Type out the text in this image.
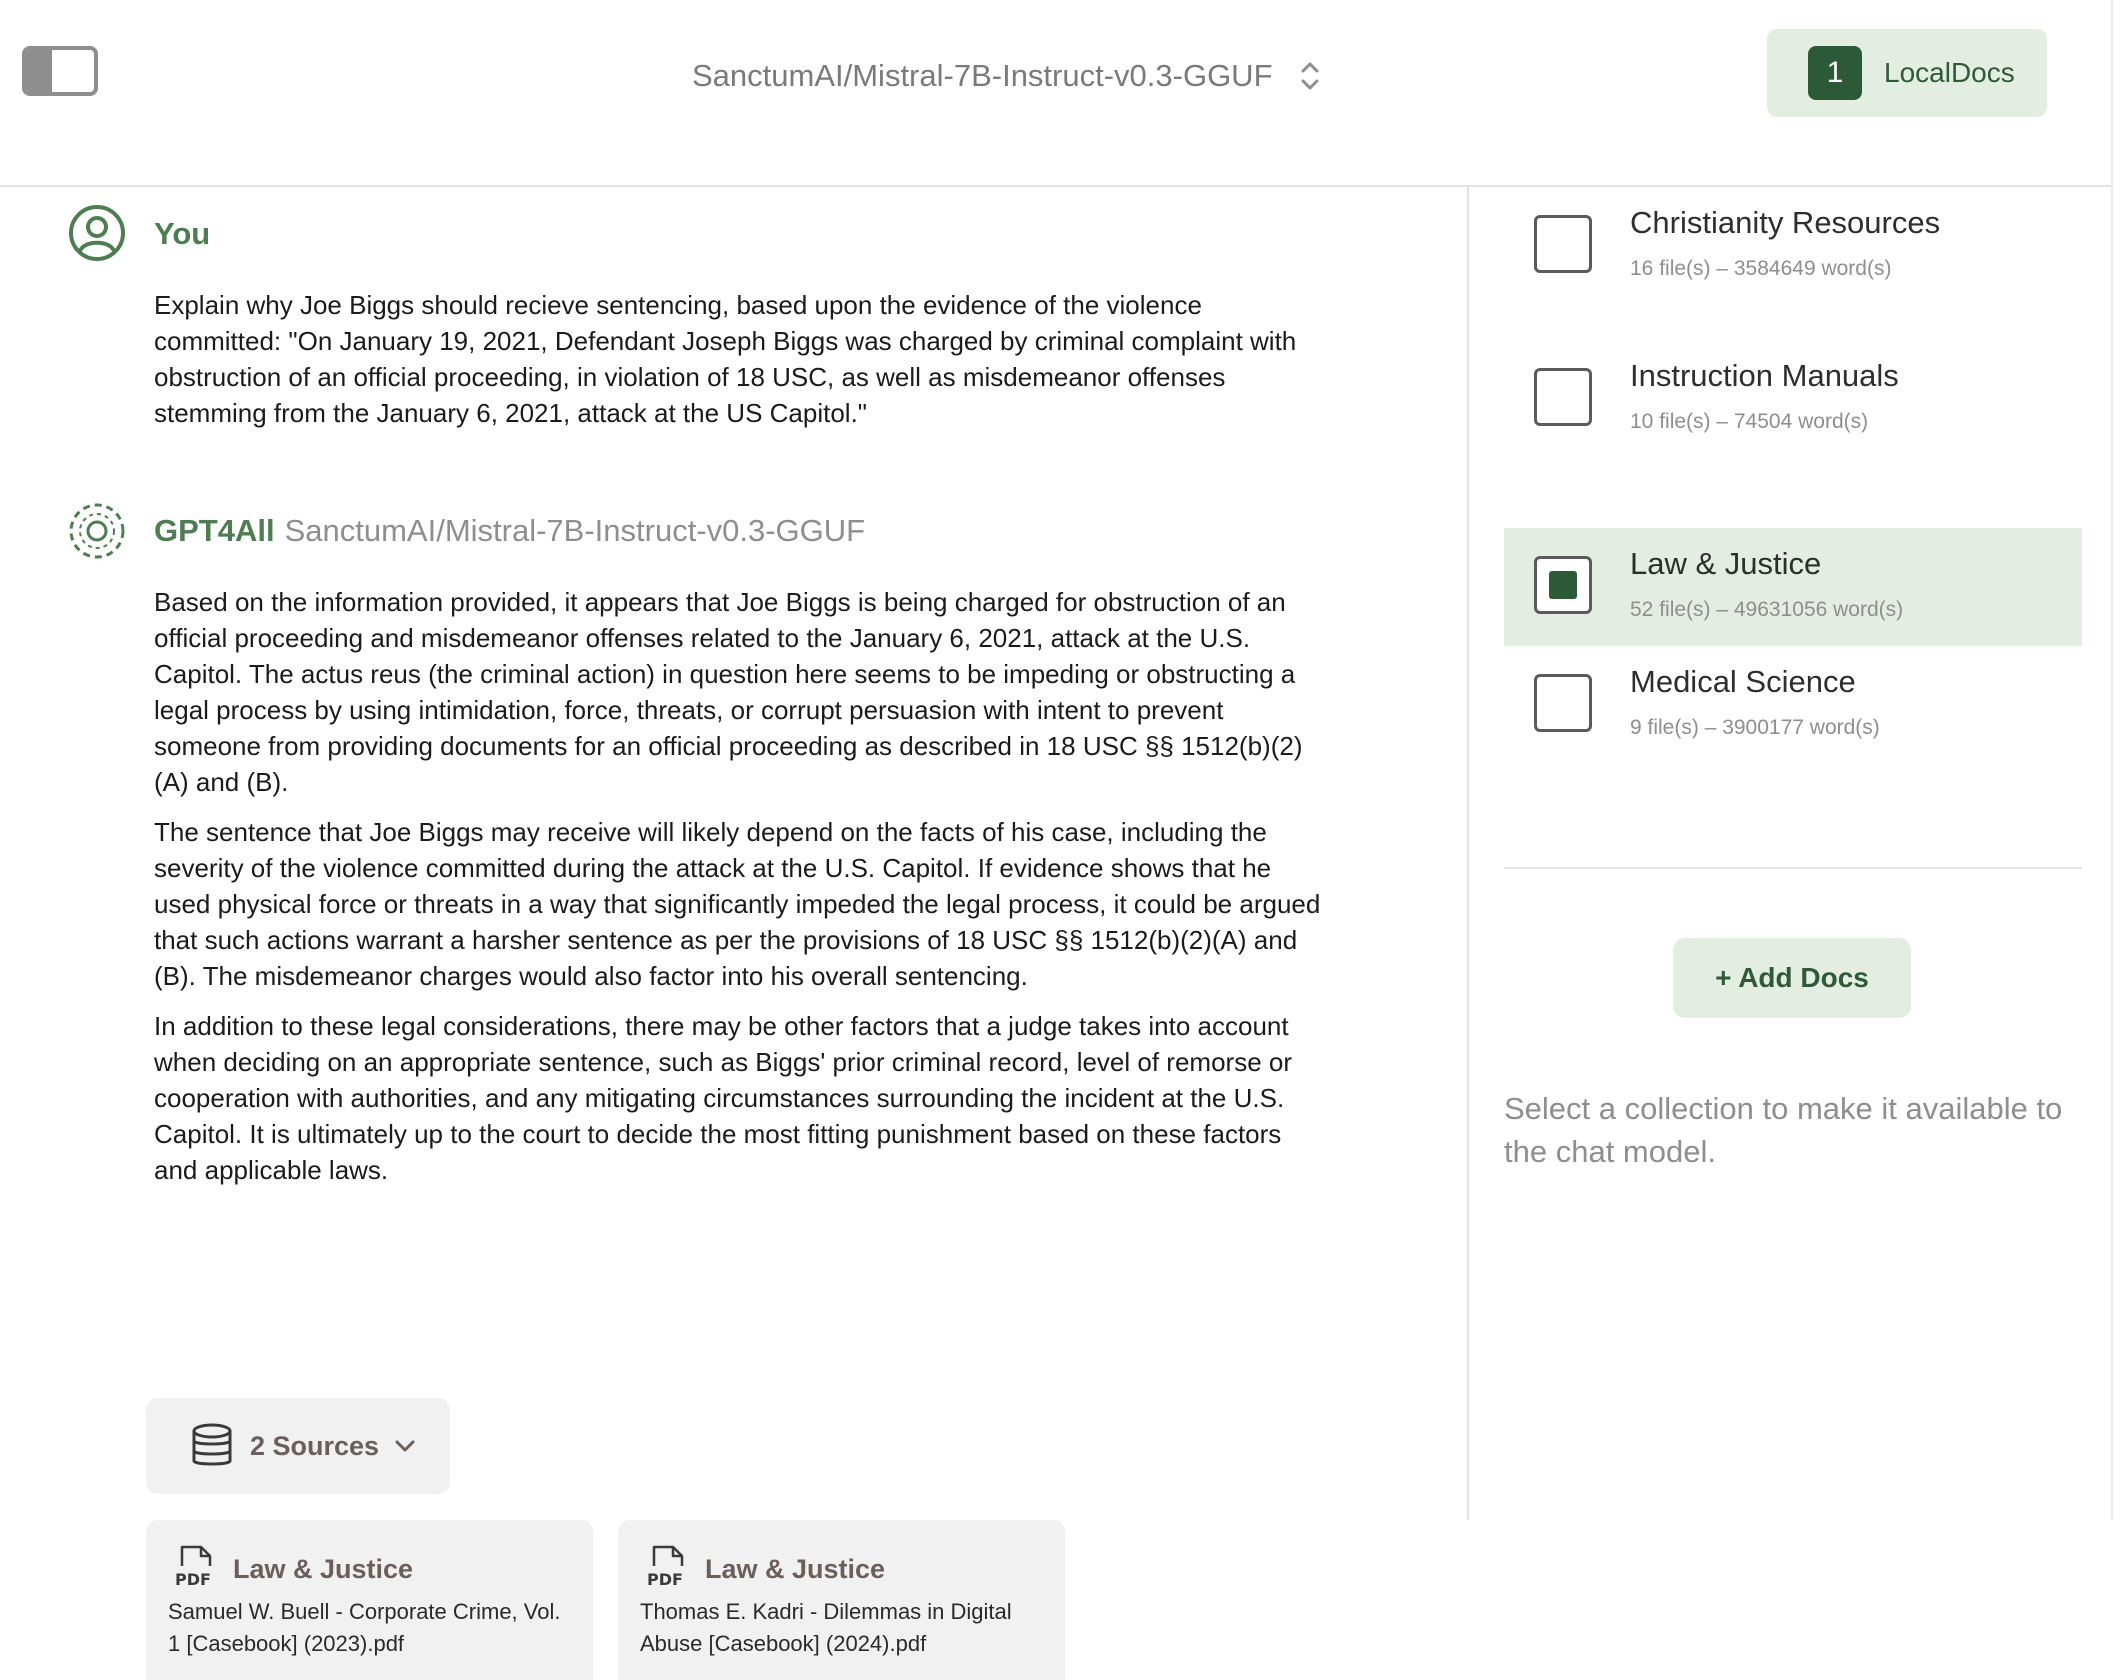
SanctumAI/Mistral-7B-Instruct-v0.3-GGUF	1	LocalDocs
You

Explain why Joe Biggs should recieve sentencing, based upon the evidence of the violence committed: "On January 19, 2021, Defendant Joseph Biggs was charged by criminal complaint with obstruction of an official proceeding, in violation of 18 USC, as well as misdemeanor offenses stemming from the January 6, 2021, attack at the US Capitol."

GPT4All SanctumAI/Mistral-7B-Instruct-v0.3-GGUF

Based on the information provided, it appears that Joe Biggs is being charged for obstruction of an official proceeding and misdemeanor offenses related to the January 6, 2021, attack at the U.S. Capitol. The actus reus (the criminal action) in question here seems to be impeding or obstructing a legal process by using intimidation, force, threats, or corrupt persuasion with intent to prevent someone from providing documents for an official proceeding as described in 18 USC §§ 1512(b)(2)(A) and (B).

The sentence that Joe Biggs may receive will likely depend on the facts of his case, including the severity of the violence committed during the attack at the U.S. Capitol. If evidence shows that he used physical force or threats in a way that significantly impeded the legal process, it could be argued that such actions warrant a harsher sentence as per the provisions of 18 USC §§ 1512(b)(2)(A) and (B). The misdemeanor charges would also factor into his overall sentencing.

In addition to these legal considerations, there may be other factors that a judge takes into account when deciding on an appropriate sentence, such as Biggs' prior criminal record, level of remorse or cooperation with authorities, and any mitigating circumstances surrounding the incident at the U.S. Capitol. It is ultimately up to the court to decide the most fitting punishment based on these factors and applicable laws.

2 Sources
PDF Law & Justice
Samuel W. Buell - Corporate Crime, Vol. 1 [Casebook] (2023).pdf
PDF Law & Justice
Thomas E. Kadri - Dilemmas in Digital Abuse [Casebook] (2024).pdf
Christianity Resources
16 file(s) – 3584649 word(s)
Instruction Manuals
10 file(s) – 74504 word(s)
Law & Justice
52 file(s) – 49631056 word(s)
Medical Science
9 file(s) – 3900177 word(s)
+ Add Docs
Select a collection to make it available to the chat model.
